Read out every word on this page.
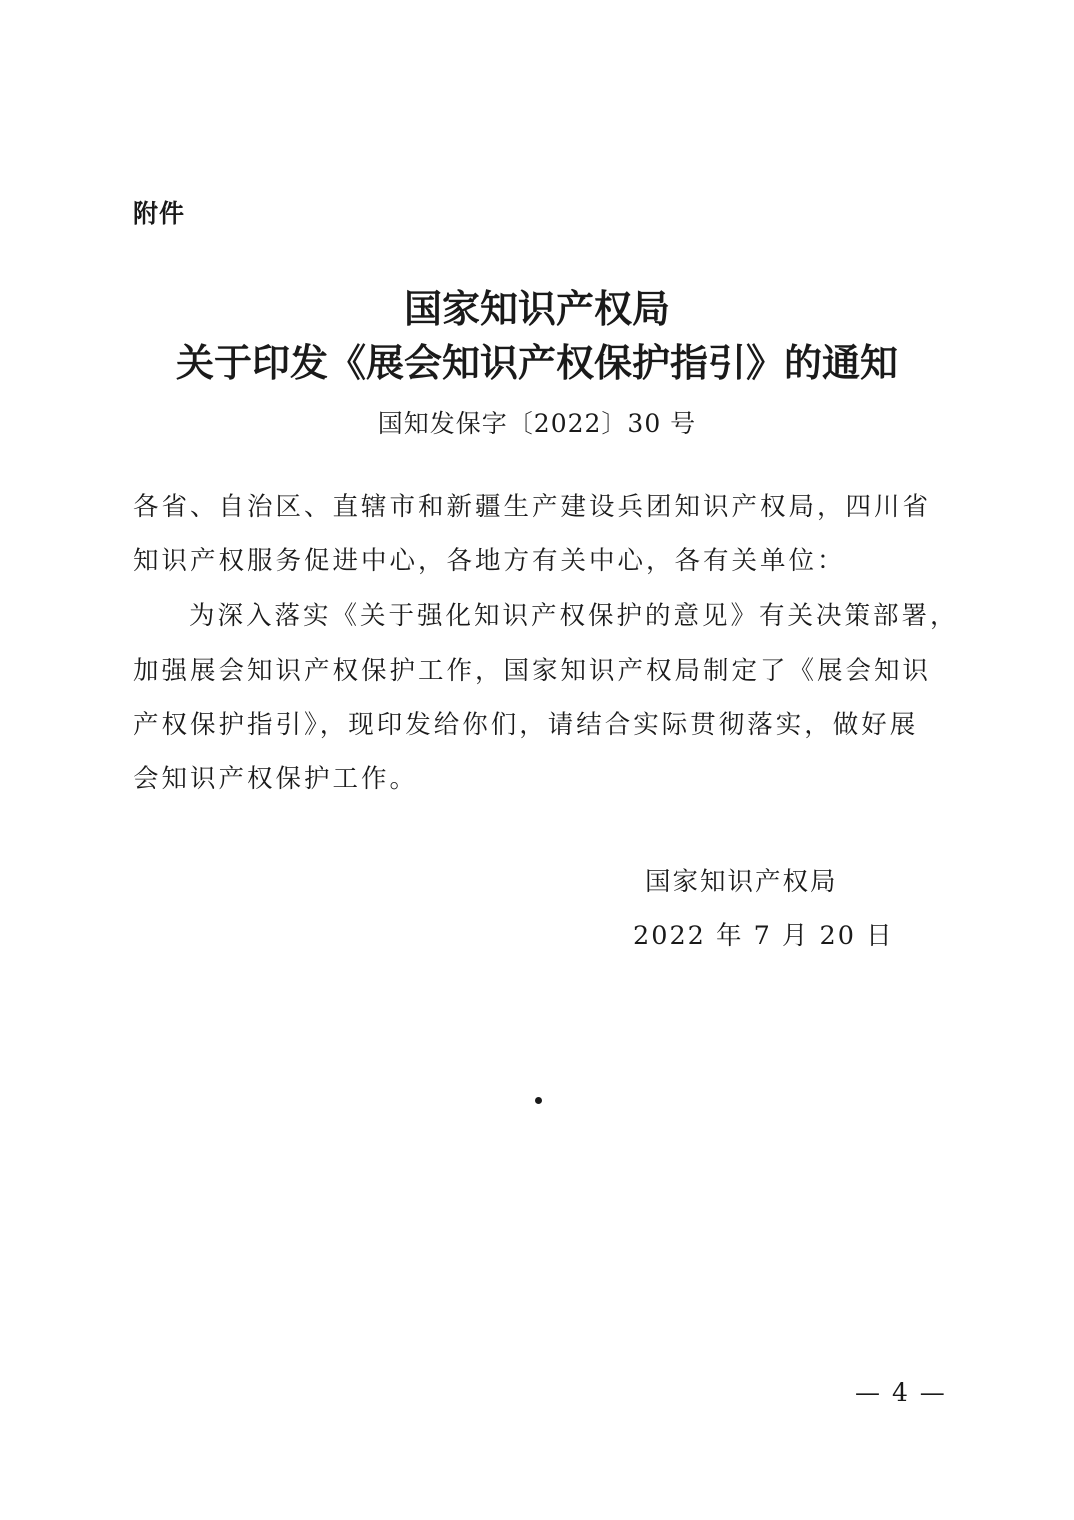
附件
国家知识产权局
关于印发《展会知识产权保护指引》的通知
国知发保字〔2022〕30 号
各省、自治区、直辖市和新疆生产建设兵团知识产权局，四川省
知识产权服务促进中心，各地方有关中心，各有关单位：
为深入落实《关于强化知识产权保护的意见》有关决策部署，
加强展会知识产权保护工作，国家知识产权局制定了《展会知识
产权保护指引》，现印发给你们，请结合实际贯彻落实，做好展
会知识产权保护工作。
国家知识产权局
2022 年 7 月 20 日
— 4 —
